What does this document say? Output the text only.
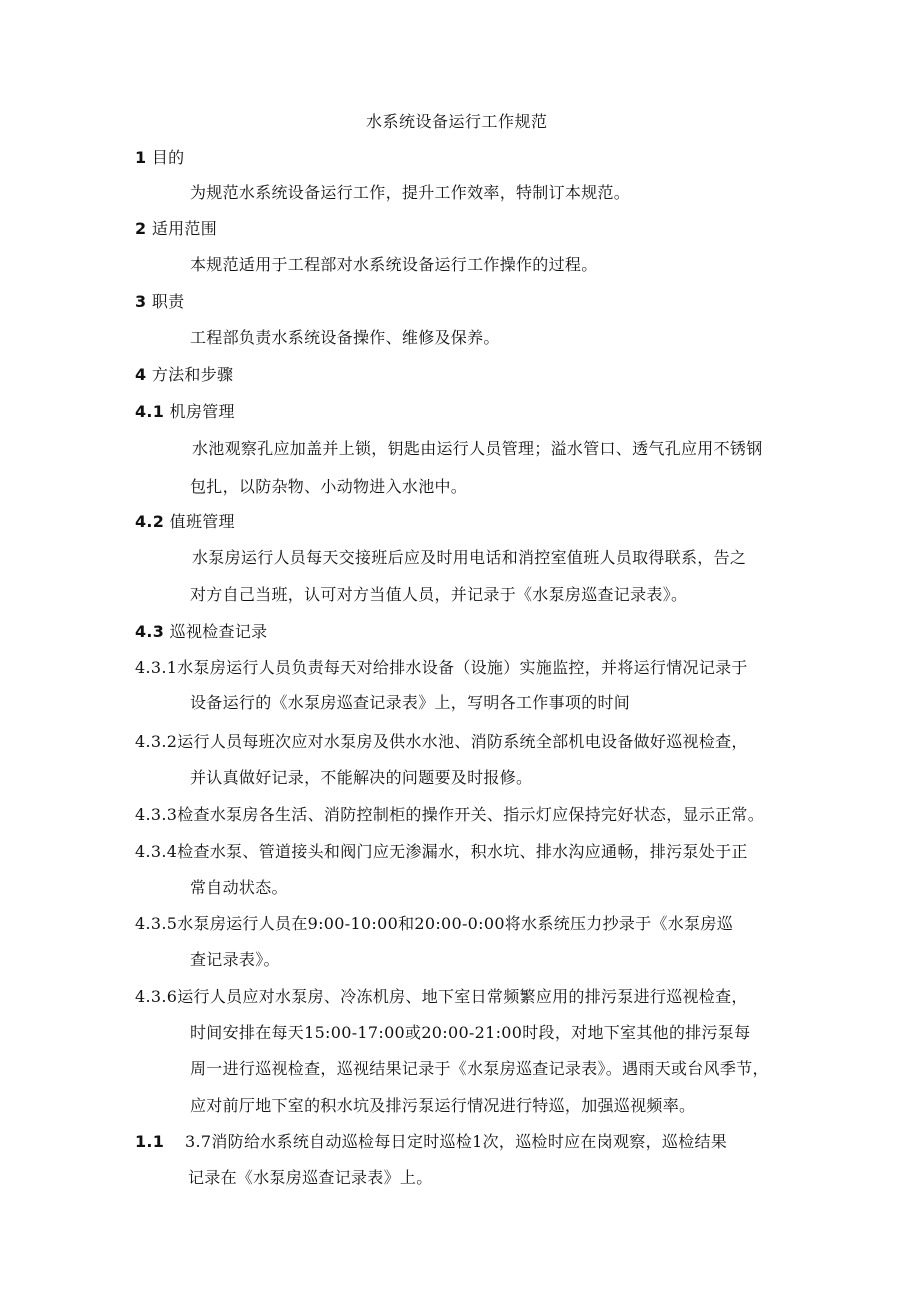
水系统设备运行工作规范
1 目的
为规范水系统设备运行工作，提升工作效率，特制订本规范。
2 适用范围
本规范适用于工程部对水系统设备运行工作操作的过程。
3 职责
工程部负责水系统设备操作、维修及保养。
4 方法和步骤
4.1 机房管理
水池观察孔应加盖并上锁，钥匙由运行人员管理；溢水管口、透气孔应用不锈钢
包扎，以防杂物、小动物进入水池中。
4.2 值班管理
水泵房运行人员每天交接班后应及时用电话和消控室值班人员取得联系，告之
对方自己当班，认可对方当值人员，并记录于《水泵房巡查记录表》。
4.3 巡视检查记录
4.3.1水泵房运行人员负责每天对给排水设备（设施）实施监控，并将运行情况记录于
设备运行的《水泵房巡查记录表》上，写明各工作事项的时间
4.3.2运行人员每班次应对水泵房及供水水池、消防系统全部机电设备做好巡视检查，
并认真做好记录，不能解决的问题要及时报修。
4.3.3检查水泵房各生活、消防控制柜的操作开关、指示灯应保持完好状态，显示正常。
4.3.4检查水泵、管道接头和阀门应无渗漏水，积水坑、排水沟应通畅，排污泵处于正
常自动状态。
4.3.5水泵房运行人员在9:00-10:00和20:00-0:00将水系统压力抄录于《水泵房巡
查记录表》。
4.3.6运行人员应对水泵房、冷冻机房、地下室日常频繁应用的排污泵进行巡视检查，
时间安排在每天15:00-17:00或20:00-21:00时段，对地下室其他的排污泵每
周一进行巡视检查，巡视结果记录于《水泵房巡查记录表》。遇雨天或台风季节，
应对前厅地下室的积水坑及排污泵运行情况进行特巡，加强巡视频率。
1.1 3.7消防给水系统自动巡检每日定时巡检1次，巡检时应在岗观察，巡检结果
记录在《水泵房巡查记录表》上。
